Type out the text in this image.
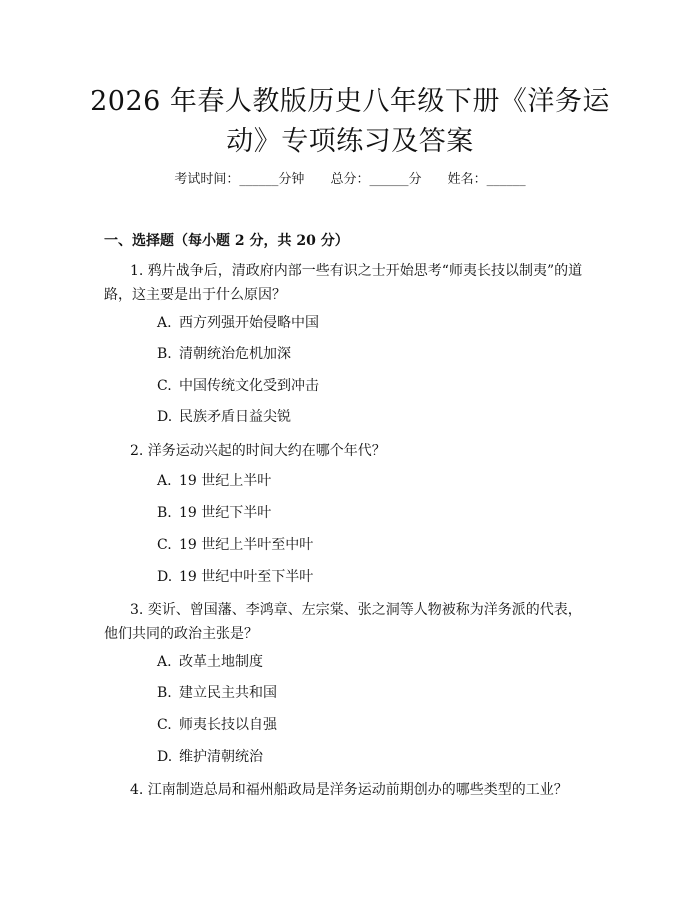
2026 年春人教版历史八年级下册《洋务运动》专项练习及答案
考试时间：______分钟 总分：______分 姓名：______
一、选择题（每小题 2 分，共 20 分）
1. 鸦片战争后，清政府内部一些有识之士开始思考“师夷长技以制夷”的道路，这主要是出于什么原因？
A. 西方列强开始侵略中国
B. 清朝统治危机加深
C. 中国传统文化受到冲击
D. 民族矛盾日益尖锐
2. 洋务运动兴起的时间大约在哪个年代？
A. 19 世纪上半叶
B. 19 世纪下半叶
C. 19 世纪上半叶至中叶
D. 19 世纪中叶至下半叶
3. 奕䜣、曾国藩、李鸿章、左宗棠、张之洞等人物被称为洋务派的代表，他们共同的政治主张是？
A. 改革土地制度
B. 建立民主共和国
C. 师夷长技以自强
D. 维护清朝统治
4. 江南制造总局和福州船政局是洋务运动前期创办的哪些类型的工业？
